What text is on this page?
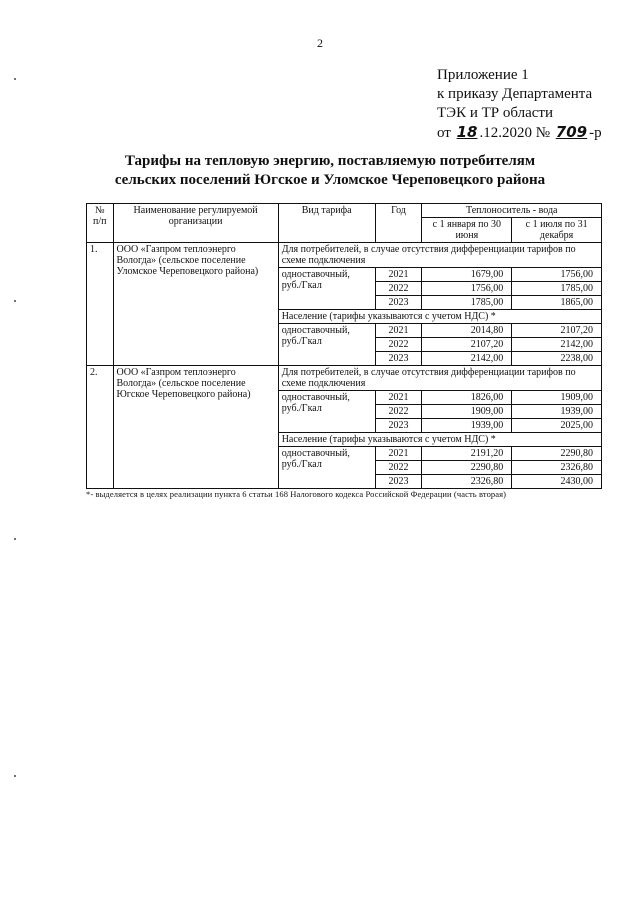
2
Приложение 1
к приказу Департамента
ТЭК и ТР области
от 18 .12.2020 № 709 -р
Тарифы на тепловую энергию, поставляемую потребителям
сельских поселений Югское и Уломское Череповецкого района
№ п/п	Наименование регулируемой организации	Вид тарифа	Год	Теплоноситель - вода	
				с 1 января по 30 июня	с 1 июля по 31 декабря
1.	ООО «Газпром теплоэнерго Вологда» (сельское поселение Уломское Череповецкого района)	Для потребителей, в случае отсутствия дифференциации тарифов по схеме подключения			
		одноставочный, руб./Гкал	2021	1679,00	1756,00
			2022	1756,00	1785,00
			2023	1785,00	1865,00
		Население (тарифы указываются с учетом НДС) *			
		одноставочный, руб./Гкал	2021	2014,80	2107,20
			2022	2107,20	2142,00
			2023	2142,00	2238,00
2.	ООО «Газпром теплоэнерго Вологда» (сельское поселение Югское Череповецкого района)	Для потребителей, в случае отсутствия дифференциации тарифов по схеме подключения			
		одноставочный, руб./Гкал	2021	1826,00	1909,00
			2022	1909,00	1939,00
			2023	1939,00	2025,00
		Население (тарифы указываются с учетом НДС) *			
		одноставочный, руб./Гкал	2021	2191,20	2290,80
			2022	2290,80	2326,80
			2023	2326,80	2430,00
*- выделяется в целях реализации пункта 6 статьи 168 Налогового кодекса Российской Федерации (часть вторая)
